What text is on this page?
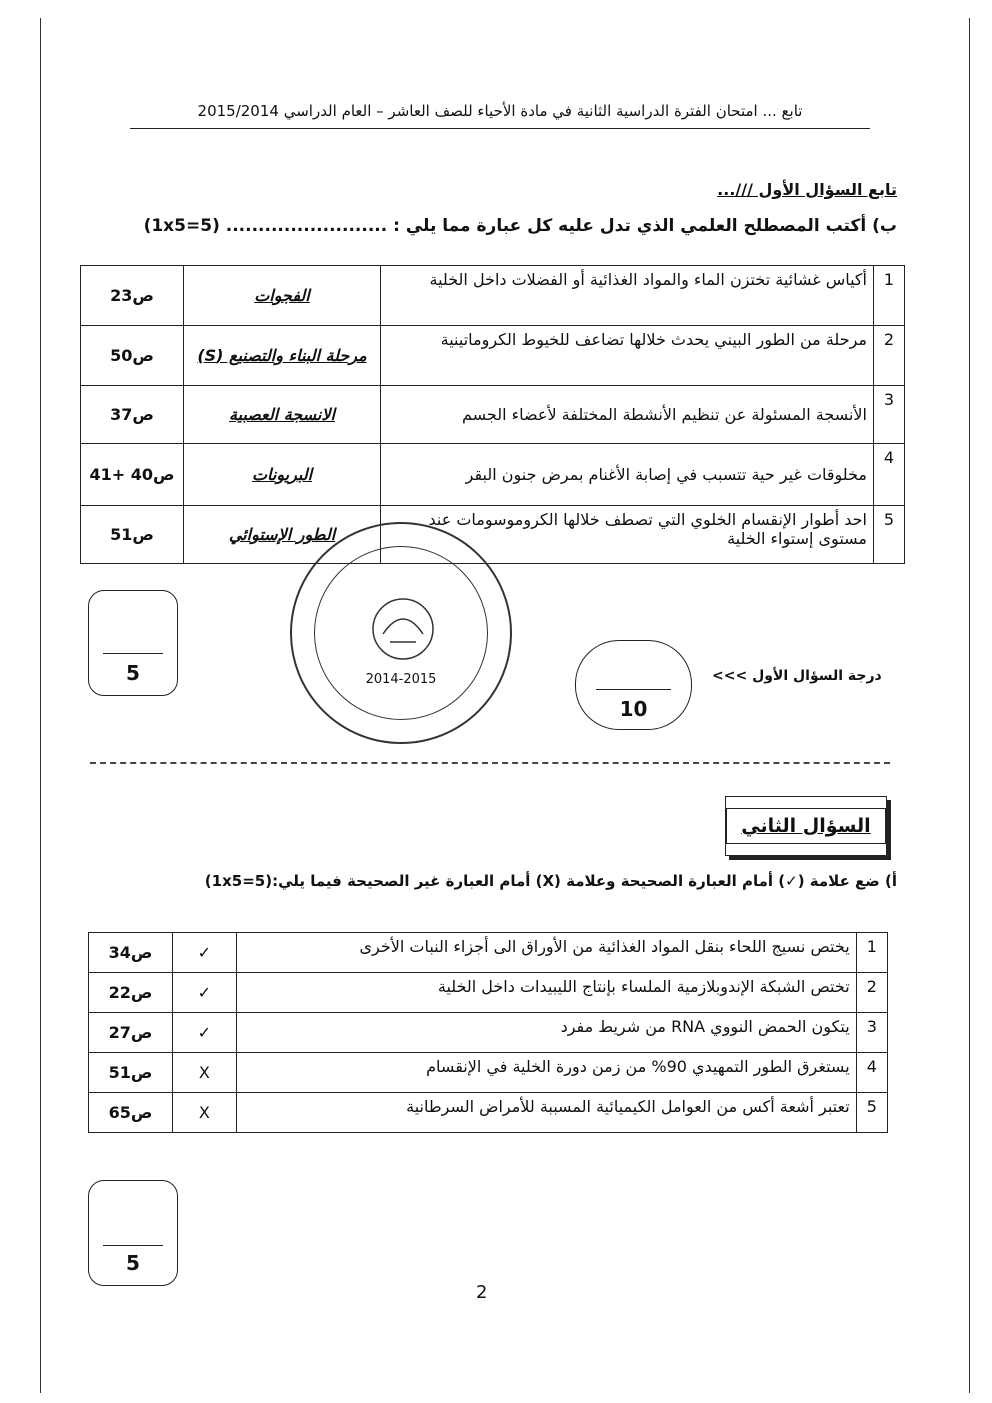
تابع ... امتحان الفترة الدراسية الثانية في مادة الأحياء للصف العاشر – العام الدراسي 2015/2014
تابع السؤال الأول ///...
ب) أكتب المصطلح العلمي الذي تدل عليه كل عبارة مما يلي : ......................... (5=1x5)
1	أكياس غشائية تختزن الماء والمواد الغذائية أو الفضلات داخل الخلية	الفجوات	ص23
2	مرحلة من الطور البيني يحدث خلالها تضاعف للخيوط الكروماتينية	مرحلة البناء والتصنيع (S)	ص50
3	الأنسجة المسئولة عن تنظيم الأنشطة المختلفة لأعضاء الجسم	الانسجة العصبية	ص37
4	مخلوقات غير حية تتسبب في إصابة الأغنام بمرض جنون البقر	البريونات	ص40 +41
5	احد أطوار الإنقسام الخلوي التي تصطف خلالها الكروموسومات عند مستوى إستواء الخلية	الطور الإستوائي	ص51
5	2014-2015	درجة السؤال الأول >>>
10
السؤال الثاني
أ) ضع علامة (✓) أمام العبارة الصحيحة وعلامة (X) أمام العبارة غير الصحيحة فيما يلي:(5=1x5)
1	يختص نسيج اللحاء بنقل المواد الغذائية من الأوراق الى أجزاء النبات الأخرى	✓	ص34
2	تختص الشبكة الإندوبلازمية الملساء بإنتاج الليبيدات داخل الخلية	✓	ص22
3	يتكون الحمض النووي RNA من شريط مفرد	✓	ص27
4	يستغرق الطور التمهيدي 90% من زمن دورة الخلية في الإنقسام	X	ص51
5	تعتبر أشعة أكس من العوامل الكيميائية المسببة للأمراض السرطانية	X	ص65
5
2
